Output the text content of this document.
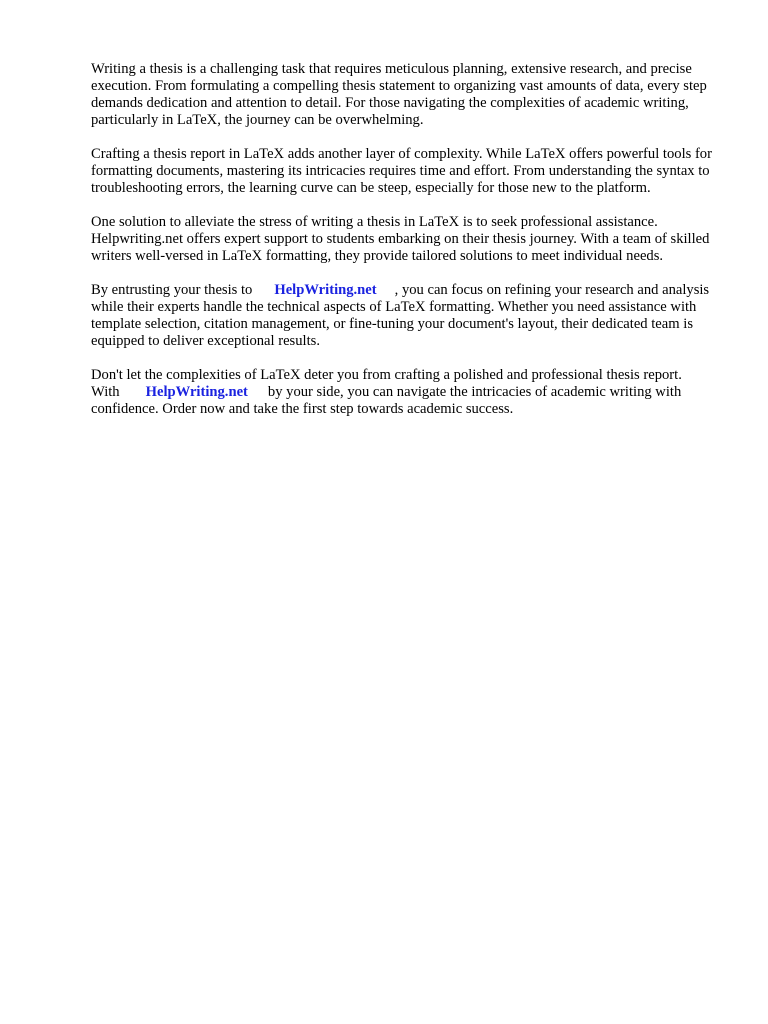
Writing a thesis is a challenging task that requires meticulous planning, extensive research, and precise execution. From formulating a compelling thesis statement to organizing vast amounts of data, every step demands dedication and attention to detail. For those navigating the complexities of academic writing, particularly in LaTeX, the journey can be overwhelming.

Crafting a thesis report in LaTeX adds another layer of complexity. While LaTeX offers powerful tools for formatting documents, mastering its intricacies requires time and effort. From understanding the syntax to troubleshooting errors, the learning curve can be steep, especially for those new to the platform.

One solution to alleviate the stress of writing a thesis in LaTeX is to seek professional assistance. Helpwriting.net offers expert support to students embarking on their thesis journey. With a team of skilled writers well-versed in LaTeX formatting, they provide tailored solutions to meet individual needs.

By entrusting your thesis to HelpWriting.net , you can focus on refining your research and analysis while their experts handle the technical aspects of LaTeX formatting. Whether you need assistance with template selection, citation management, or fine-tuning your document's layout, their dedicated team is equipped to deliver exceptional results.

Don't let the complexities of LaTeX deter you from crafting a polished and professional thesis report. With HelpWriting.net by your side, you can navigate the intricacies of academic writing with confidence. Order now and take the first step towards academic success.
